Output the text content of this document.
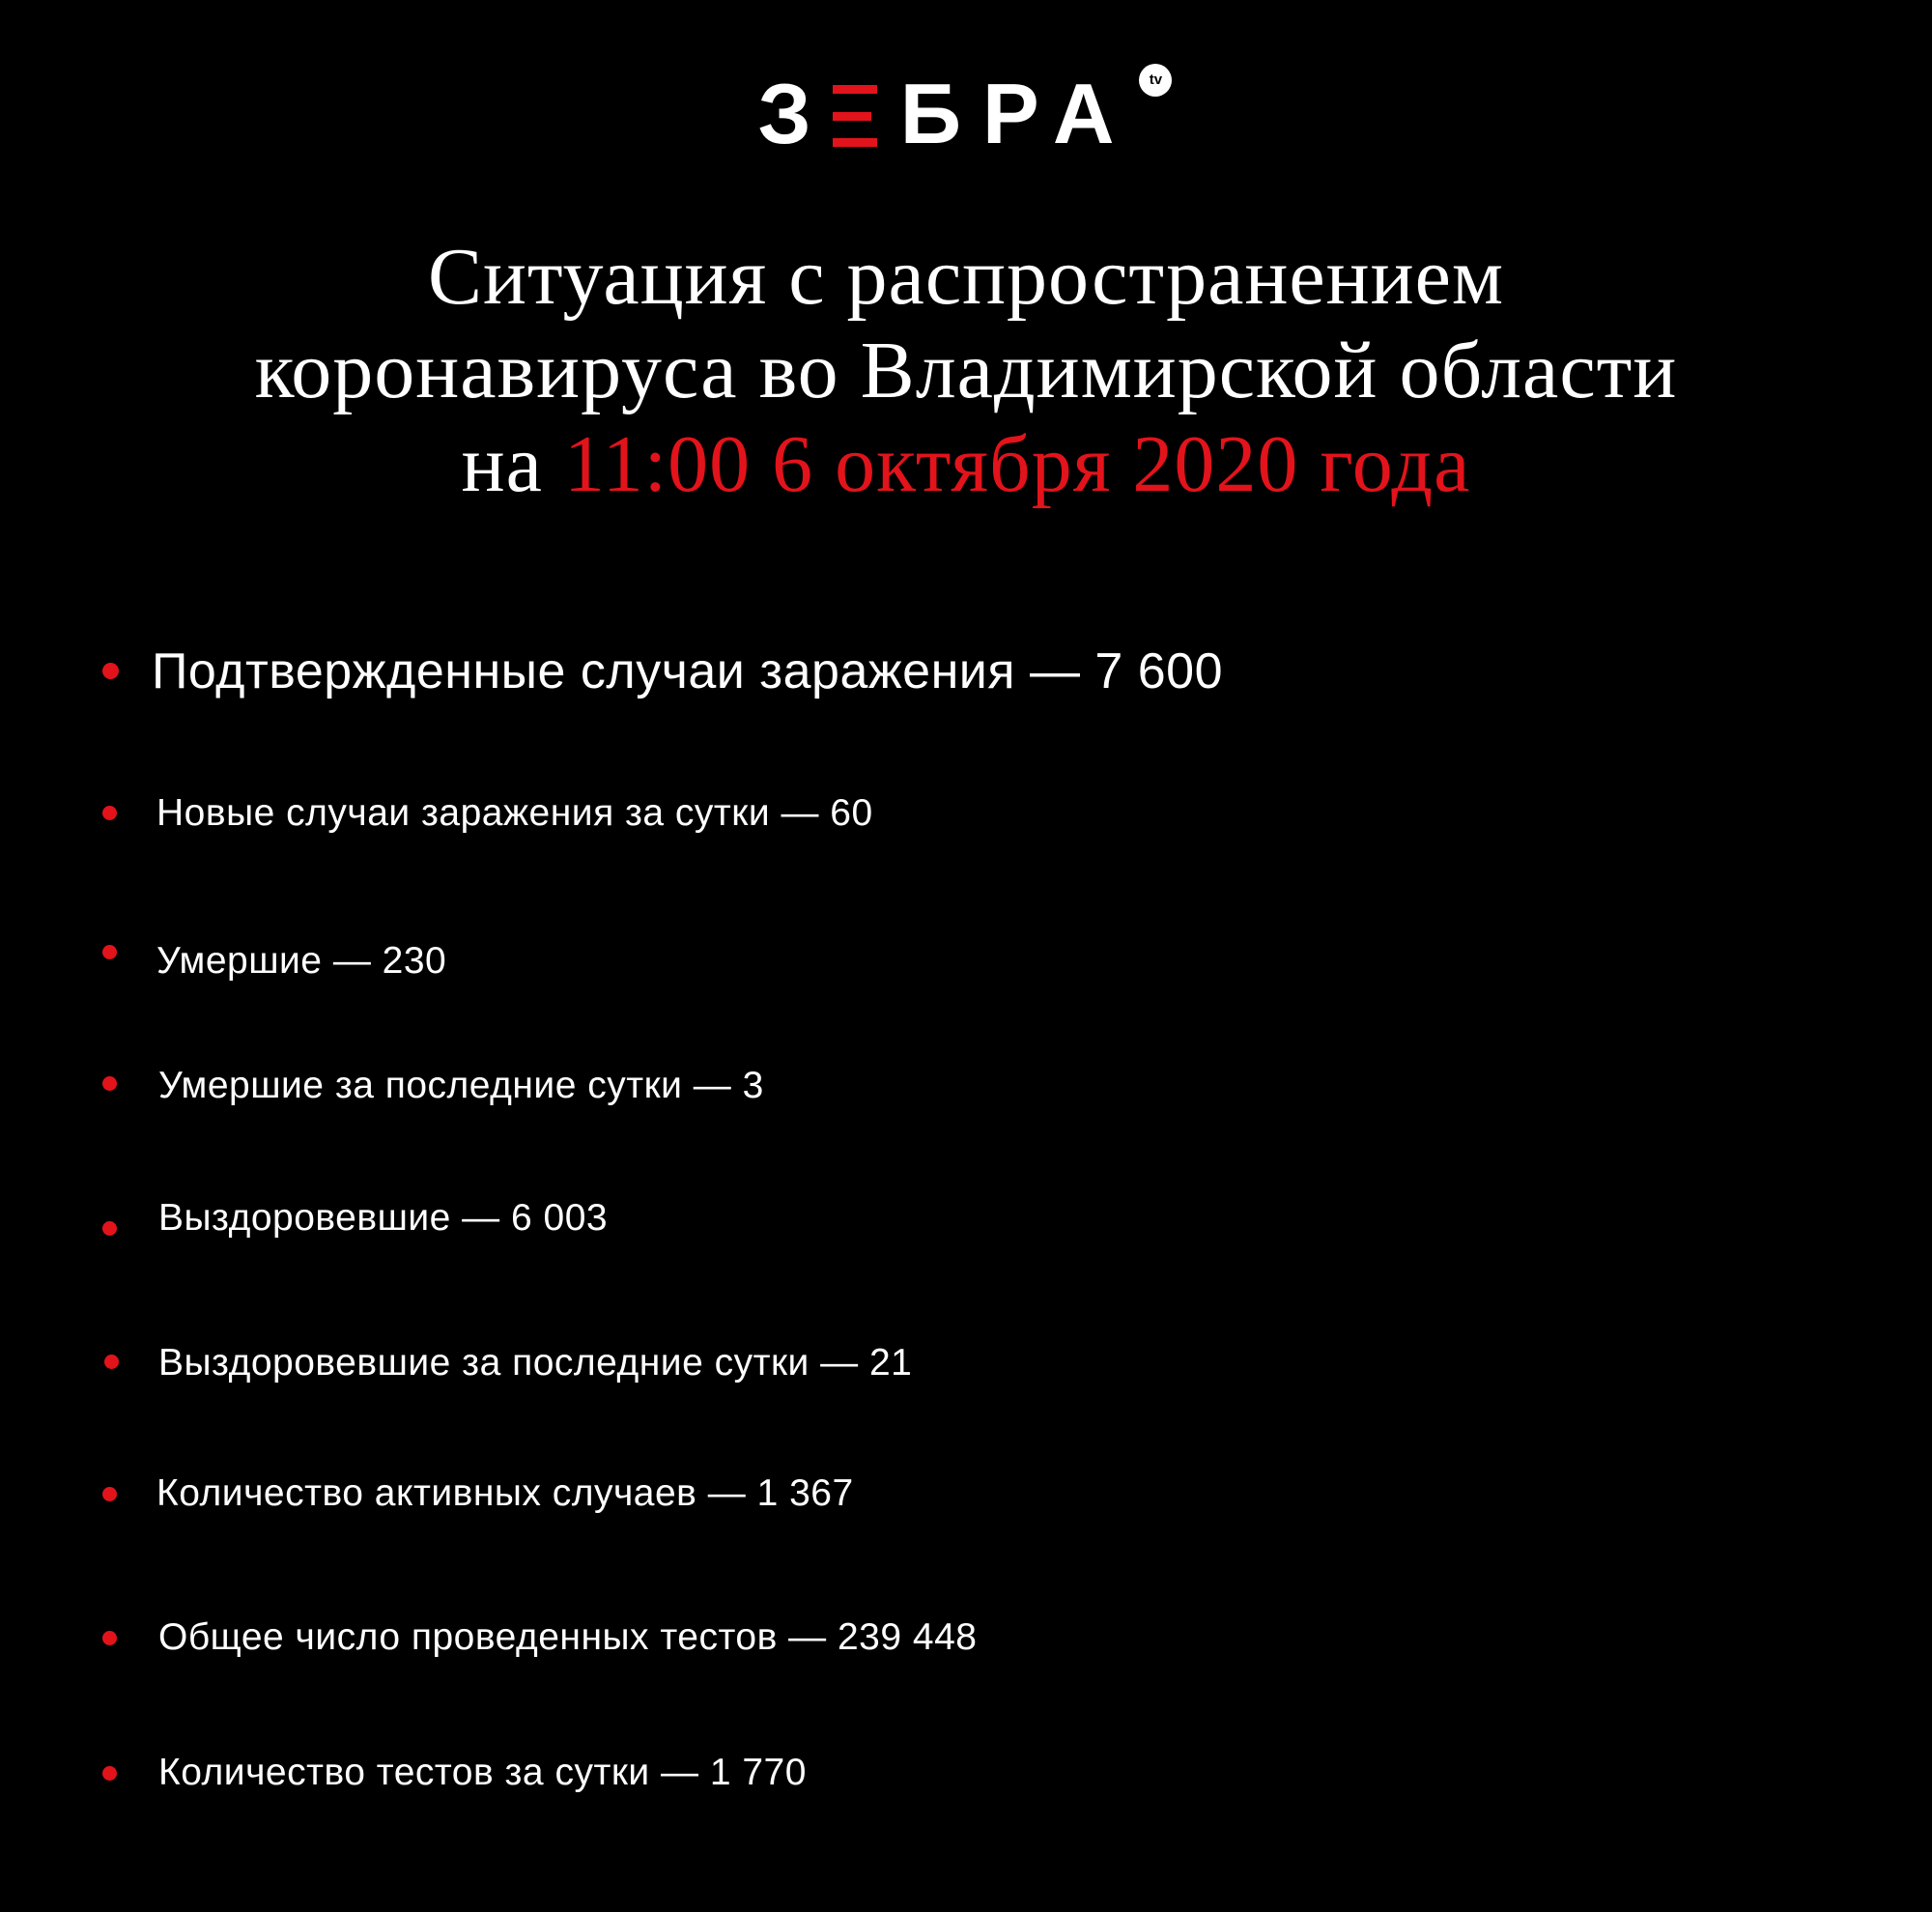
З БРА tv
Ситуация с распространением
коронавируса во Владимирской области
на 11:00 6 октября 2020 года
Подтвержденные случаи заражения — 7 600
Новые случаи заражения за сутки — 60
Умершие — 230
Умершие за последние сутки — 3
Выздоровевшие — 6 003
Выздоровевшие за последние сутки — 21
Количество активных случаев — 1 367
Общее число проведенных тестов — 239 448
Количество тестов за сутки — 1 770
